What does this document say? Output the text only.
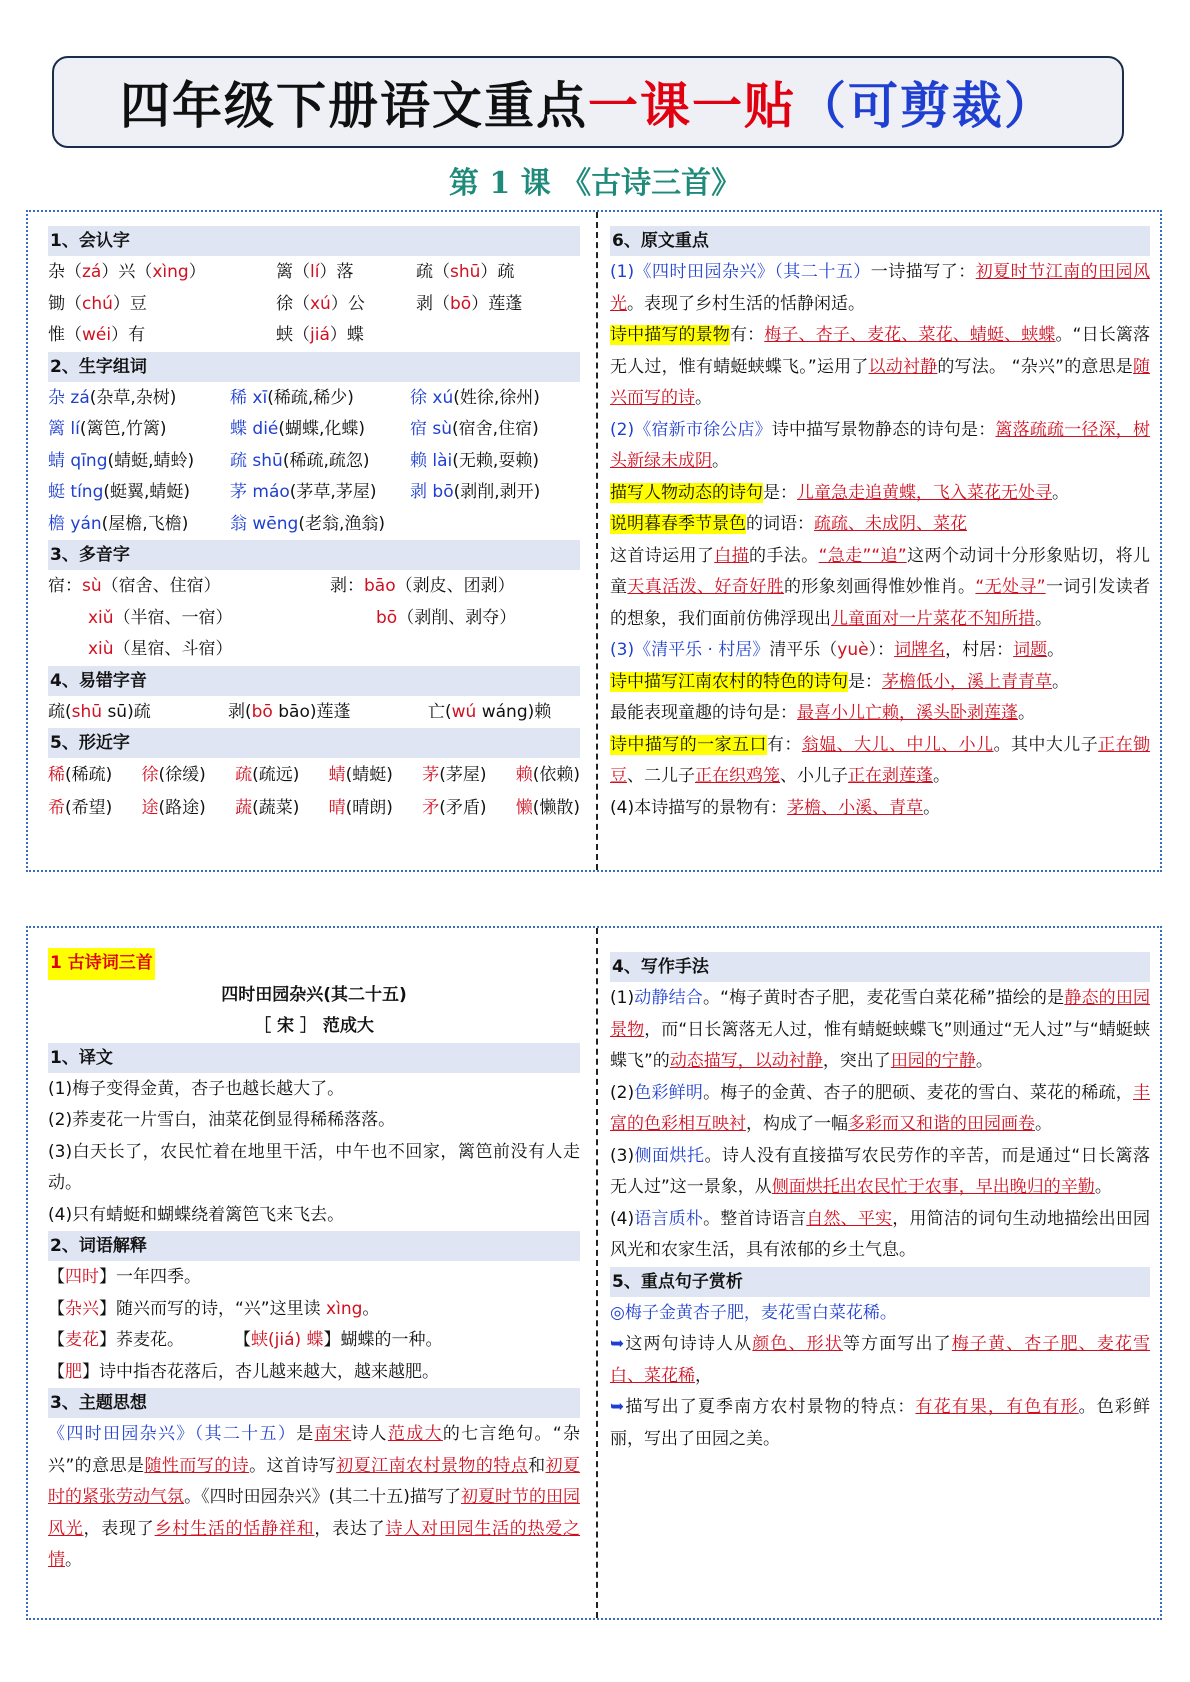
四年级下册语文重点 一课一贴 （可剪裁）
第 1 课 《古诗三首》
1、会认字
杂（zá）兴（xìng）	篱（lí）落	疏（shū）疏
锄（chú）豆	徐（xú）公	剥（bō）莲蓬
惟（wéi）有	蛱（jiá）蝶
2、生字组词
杂 zá(杂草,杂树)	稀 xī(稀疏,稀少)	徐 xú(姓徐,徐州)
篱 lí(篱笆,竹篱)	蝶 dié(蝴蝶,化蝶)	宿 sù(宿舍,住宿)
蜻 qīng(蜻蜓,蜻蛉)	疏 shū(稀疏,疏忽)	赖 lài(无赖,耍赖)
蜓 tíng(蜓翼,蜻蜓)	茅 máo(茅草,茅屋)	剥 bō(剥削,剥开)
檐 yán(屋檐,飞檐)	翁 wēng(老翁,渔翁)
3、多音字
宿： sù （宿舍、住宿）
xiǔ （半宿、一宿）
xiù （星宿、斗宿）
剥： bāo （剥皮、团剥）
bō （剥削、剥夺）
4、易错字音
疏(shū sū)疏	剥(bō bāo)莲蓬	亡(wú wáng)赖
5、形近字
稀(稀疏) 徐(徐缓) 疏(疏远) 蜻(蜻蜓) 茅(茅屋) 赖(依赖)
希(希望) 途(路途) 蔬(蔬菜) 晴(晴朗) 矛(矛盾) 懒(懒散)
6、原文重点

(1)《四时田园杂兴》（其二十五）一诗描写了：初夏时节江南的田园风光。表现了乡村生活的恬静闲适。

诗中描写的景物有：梅子、杏子、麦花、菜花、蜻蜓、蛱蝶。“日长篱落无人过，惟有蜻蜓蛱蝶飞。”运用了以动衬静的写法。 “杂兴”的意思是随兴而写的诗。

(2)《宿新市徐公店》诗中描写景物静态的诗句是：篱落疏疏一径深，树头新绿未成阴。

描写人物动态的诗句是：儿童急走追黄蝶，飞入菜花无处寻。

说明暮春季节景色的词语：疏疏、未成阴、菜花

这首诗运用了白描的手法。“急走”“追”这两个动词十分形象贴切，将儿童天真活泼、好奇好胜的形象刻画得惟妙惟肖。“无处寻”一词引发读者的想象，我们面前仿佛浮现出儿童面对一片菜花不知所措。

(3)《清平乐 · 村居》清平乐（yuè）：词牌名，村居：词题。

诗中描写江南农村的特色的诗句是：茅檐低小，溪上青青草。

最能表现童趣的诗句是：最喜小儿亡赖，溪头卧剥莲蓬。

诗中描写的一家五口有：翁媪、大儿、中儿、小儿。其中大儿子正在锄豆、二儿子正在织鸡笼、小儿子正在剥莲蓬。

(4)本诗描写的景物有：茅檐、小溪、青草。

1 古诗词三首
四时田园杂兴(其二十五)
［ 宋 ］ 范成大
1、译文

(1)梅子变得金黄，杏子也越长越大了。

(2)荞麦花一片雪白，油菜花倒显得稀稀落落。

(3)白天长了，农民忙着在地里干活，中午也不回家，篱笆前没有人走动。

(4)只有蜻蜓和蝴蝶绕着篱笆飞来飞去。

2、词语解释

【四时】一年四季。

【杂兴】随兴而写的诗，“兴”这里读 xìng。

【麦花】荞麦花。	【蛱(jiá) 蝶】蝴蝶的一种。

【肥】诗中指杏花落后，杏儿越来越大，越来越肥。

3、主题思想

《四时田园杂兴》（其二十五）是南宋诗人范成大的七言绝句。“杂兴”的意思是随性而写的诗。这首诗写初夏江南农村景物的特点和初夏时的紧张劳动气氛。《四时田园杂兴》(其二十五)描写了初夏时节的田园风光，表现了乡村生活的恬静祥和，表达了诗人对田园生活的热爱之情。

4、写作手法

(1)动静结合。“梅子黄时杏子肥，麦花雪白菜花稀”描绘的是静态的田园景物，而“日长篱落无人过，惟有蜻蜓蛱蝶飞”则通过“无人过”与“蜻蜓蛱蝶飞”的动态描写，以动衬静，突出了田园的宁静。

(2)色彩鲜明。梅子的金黄、杏子的肥硕、麦花的雪白、菜花的稀疏，丰富的色彩相互映衬，构成了一幅多彩而又和谐的田园画卷。

(3)侧面烘托。诗人没有直接描写农民劳作的辛苦，而是通过“日长篱落无人过”这一景象，从侧面烘托出农民忙于农事，早出晚归的辛勤。

(4)语言质朴。整首诗语言自然、平实，用简洁的词句生动地描绘出田园风光和农家生活，具有浓郁的乡土气息。

5、重点句子赏析

◎梅子金黄杏子肥，麦花雪白菜花稀。

➥这两句诗诗人从颜色、形状等方面写出了梅子黄、杏子肥、麦花雪白、菜花稀，

➥描写出了夏季南方农村景物的特点：有花有果，有色有形。色彩鲜丽，写出了田园之美。
